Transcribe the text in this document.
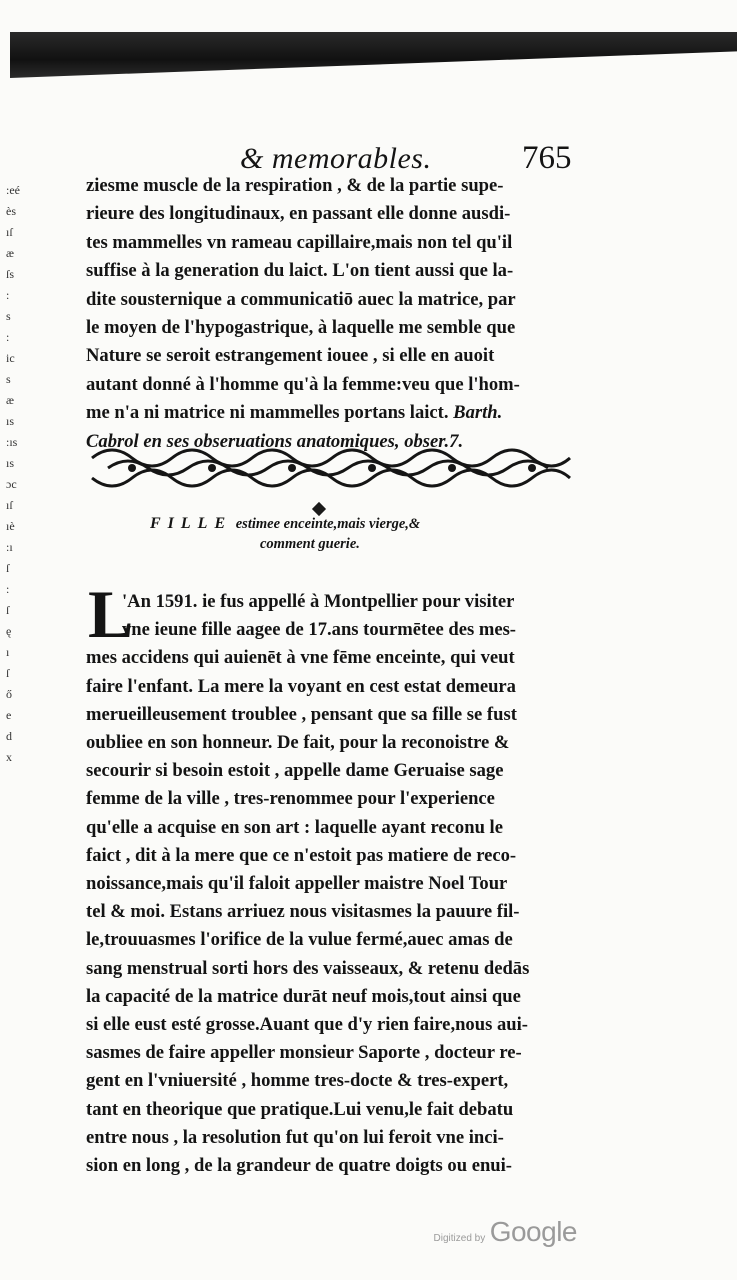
& memorables.	765
:eé
ès
ıſ
æ
ſs
:
s
:
ic
s
æ
ıs
:ıs
ıs
ɔc
ıſ
ıè
:ı
ſ
:
ſ
ę
ı
ſ
ő
e
d
x
ziesme muscle de la respiration , & de la partie supe-
rieure des longitudinaux, en passant elle donne ausdi-
tes mammelles vn rameau capillaire,mais non tel qu'il
suffise à la generation du laict. L'on tient aussi que la-
dite sousternique a communicatiō auec la matrice, par
le moyen de l'hypogastrique, à laquelle me semble que
Nature se seroit estrangement iouee , si elle en auoit
autant donné à l'homme qu'à la femme:veu que l'hom-
me n'a ni matrice ni mammelles portans laict. Barth.
Cabrol en ses obseruations anatomiques, obser.7.
FILLE estimee enceinte,mais vierge,&
comment guerie.
L
'An 1591. ie fus appellé à Montpellier pour visiter
vne ieune fille aagee de 17.ans tourmētee des mes-
mes accidens qui auienēt à vne fēme enceinte, qui veut
faire l'enfant. La mere la voyant en cest estat demeura
merueilleusement troublee , pensant que sa fille se fust
oubliee en son honneur. De fait, pour la reconoistre &
secourir si besoin estoit , appelle dame Geruaise sage
femme de la ville , tres-renommee pour l'experience
qu'elle a acquise en son art : laquelle ayant reconu le
faict , dit à la mere que ce n'estoit pas matiere de reco-
noissance,mais qu'il faloit appeller maistre Noel Tour
tel & moi. Estans arriuez nous visitasmes la pauure fil-
le,trouuasmes l'orifice de la vulue fermé,auec amas de
sang menstrual sorti hors des vaisseaux, & retenu dedās
la capacité de la matrice durāt neuf mois,tout ainsi que
si elle eust esté grosse.Auant que d'y rien faire,nous aui-
sasmes de faire appeller monsieur Saporte , docteur re-
gent en l'vniuersité , homme tres-docte & tres-expert,
tant en theorique que pratique.Lui venu,le fait debatu
entre nous , la resolution fut qu'on lui feroit vne inci-
sion en long , de la grandeur de quatre doigts ou enui-
Digitized by Google
